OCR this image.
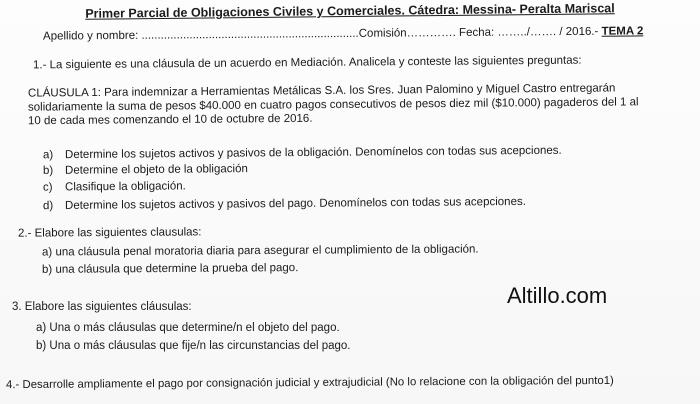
Primer Parcial de Obligaciones Civiles y Comerciales. Cátedra: Messina- Peralta Mariscal
Apellido y nombre: ....................................................................Comisión…………. Fecha: ……../……. / 2016.- TEMA 2
1.- La siguiente es una cláusula de un acuerdo en Mediación. Analicela y conteste las siguientes preguntas:
CLÁUSULA 1: Para indemnizar a Herramientas Metálicas S.A. los Sres. Juan Palomino y Miguel Castro entregarán
solidariamente la suma de pesos $40.000 en cuatro pagos consecutivos de pesos diez mil ($10.000) pagaderos del 1 al
10 de cada mes comenzando el 10 de octubre de 2016.
a) Determine los sujetos activos y pasivos de la obligación. Denomínelos con todas sus acepciones.
b) Determine el objeto de la obligación
c) Clasifique la obligación.
d) Determine los sujetos activos y pasivos del pago. Denomínelos con todas sus acepciones.
2.- Elabore las siguientes clausulas:
a) una cláusula penal moratoria diaria para asegurar el cumplimiento de la obligación.
b) una cláusula que determine la prueba del pago.
3. Elabore las siguientes cláusulas:
a) Una o más cláusulas que determine/n el objeto del pago.
b) Una o más cláusulas que fije/n las circunstancias del pago.
4.- Desarrolle ampliamente el pago por consignación judicial y extrajudicial (No lo relacione con la obligación del punto1)
Altillo.com
